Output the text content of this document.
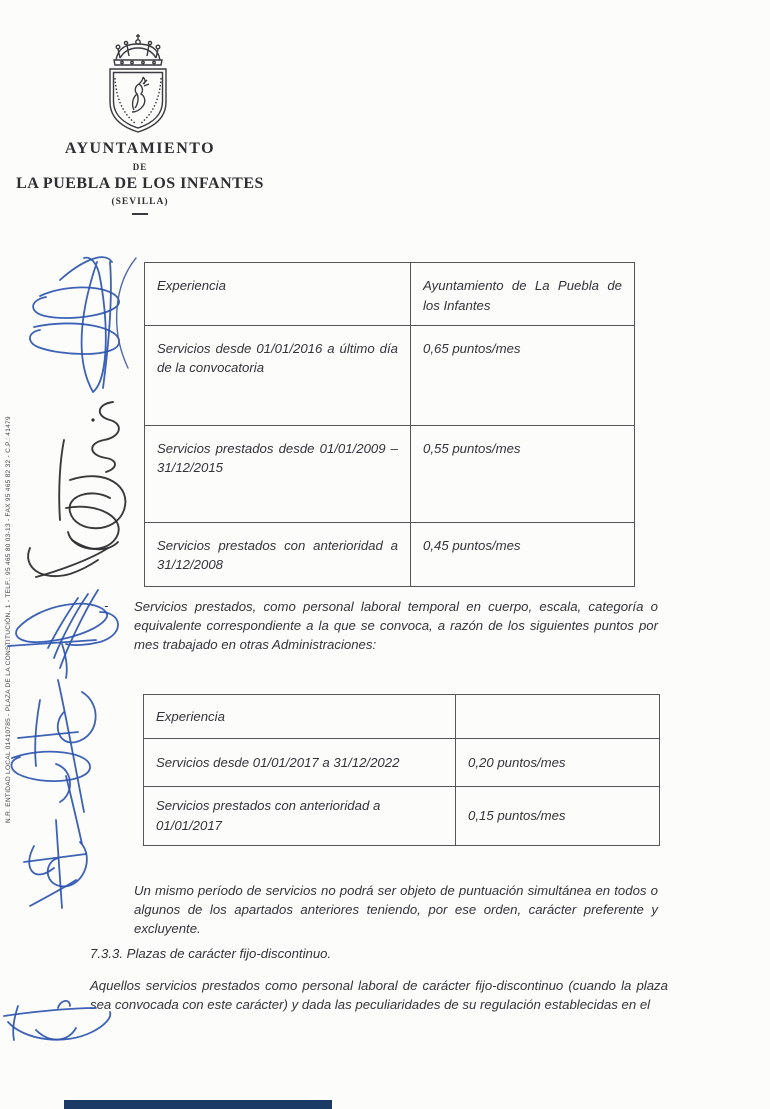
AYUNTAMIENTO
DE
LA PUEBLA DE LOS INFANTES
(SEVILLA)
N.R. ENTIDAD LOCAL 01410785 - PLAZA DE LA CONSTITUCIÓN, 1 - TELF.: 95 465 80 03-13 - FAX 95 465 82 32 - C.P.: 41479
Experiencia	Ayuntamiento de La Puebla de los Infantes
Servicios desde 01/01/2016 a último día de la convocatoria	0,65 puntos/mes
Servicios prestados desde 01/01/2009 – 31/12/2015	0,55 puntos/mes
Servicios prestados con anterioridad a 31/12/2008	0,45 puntos/mes
- Servicios prestados, como personal laboral temporal en cuerpo, escala, categoría o equivalente correspondiente a la que se convoca, a razón de los siguientes puntos por mes trabajado en otras Administraciones:

Experiencia	
Servicios desde 01/01/2017 a 31/12/2022	0,20 puntos/mes
Servicios prestados con anterioridad a 01/01/2017	0,15 puntos/mes

Un mismo período de servicios no podrá ser objeto de puntuación simultánea en todos o algunos de los apartados anteriores teniendo, por ese orden, carácter preferente y excluyente.

7.3.3. Plazas de carácter fijo-discontinuo.

Aquellos servicios prestados como personal laboral de carácter fijo-discontinuo (cuando la plaza sea convocada con este carácter) y dada las peculiaridades de su regulación establecidas en el
